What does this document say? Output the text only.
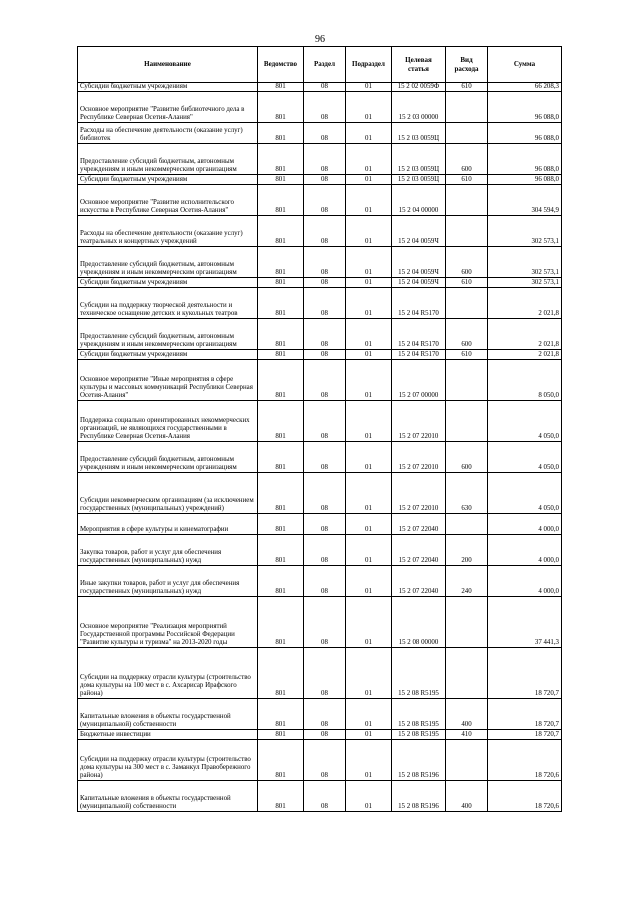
96
Наименование	Ведомство	Раздел	Подраздел	Целевая статья	Вид расхода	Сумма
Субсидии бюджетным учреждениям	801	08	01	15 2 02 0059Ф	610	66 208,3
Основное мероприятие "Развитие библиотечного дела в Республике Северная Осетия-Алания"	801	08	01	15 2 03 00000		96 088,0
Расходы на обеспечение деятельности (оказание услуг) библиотек	801	08	01	15 2 03 0059Ц		96 088,0
Предоставление субсидий бюджетным, автономным учреждениям и иным некоммерческим организациям	801	08	01	15 2 03 0059Ц	600	96 088,0
Субсидии бюджетным учреждениям	801	08	01	15 2 03 0059Ц	610	96 088,0
Основное мероприятие "Развитие исполнительского искусства в Республике Северная Осетия-Алания"	801	08	01	15 2 04 00000		304 594,9
Расходы на обеспечение деятельности (оказание услуг) театральных и концертных учреждений	801	08	01	15 2 04 0059Ч		302 573,1
Предоставление субсидий бюджетным, автономным учреждениям и иным некоммерческим организациям	801	08	01	15 2 04 0059Ч	600	302 573,1
Субсидии бюджетным учреждениям	801	08	01	15 2 04 0059Ч	610	302 573,1
Субсидии на поддержку творческой деятельности и техническое оснащение детских и кукольных театров	801	08	01	15 2 04 R5170		2 021,8
Предоставление субсидий бюджетным, автономным учреждениям и иным некоммерческим организациям	801	08	01	15 2 04 R5170	600	2 021,8
Субсидии бюджетным учреждениям	801	08	01	15 2 04 R5170	610	2 021,8
Основное мероприятие "Иные мероприятия в сфере культуры и массовых коммуникаций Республики Северная Осетия-Алания"	801	08	01	15 2 07 00000		8 050,0
Поддержка социально ориентированных некоммерческих организаций, не являющихся государственными в Республике Северная Осетия-Алания	801	08	01	15 2 07 22010		4 050,0
Предоставление субсидий бюджетным, автономным учреждениям и иным некоммерческим организациям	801	08	01	15 2 07 22010	600	4 050,0
Субсидии некоммерческим организациям (за исключением государственных (муниципальных) учреждений)	801	08	01	15 2 07 22010	630	4 050,0
Мероприятия в сфере культуры и кинематографии	801	08	01	15 2 07 22040		4 000,0
Закупка товаров, работ и услуг для обеспечения государственных (муниципальных) нужд	801	08	01	15 2 07 22040	200	4 000,0
Иные закупки товаров, работ и услуг для обеспечения государственных (муниципальных) нужд	801	08	01	15 2 07 22040	240	4 000,0
Основное мероприятие "Реализация мероприятий Государственной программы Российской Федерации "Развитие культуры и туризма" на 2013-2020 годы	801	08	01	15 2 08 00000		37 441,3
Субсидии на поддержку отрасли культуры (строительство дома культуры на 100 мест в с. Ахсарисар Ирафского района)	801	08	01	15 2 08 R5195		18 720,7
Капитальные вложения в объекты государственной (муниципальной) собственности	801	08	01	15 2 08 R5195	400	18 720,7
Бюджетные инвестиции	801	08	01	15 2 08 R5195	410	18 720,7
Субсидии на поддержку отрасли культуры (строительство дома культуры на 300 мест в с. Заманкул Правобережного района)	801	08	01	15 2 08 R5196		18 720,6
Капитальные вложения в объекты государственной (муниципальной) собственности	801	08	01	15 2 08 R5196	400	18 720,6
